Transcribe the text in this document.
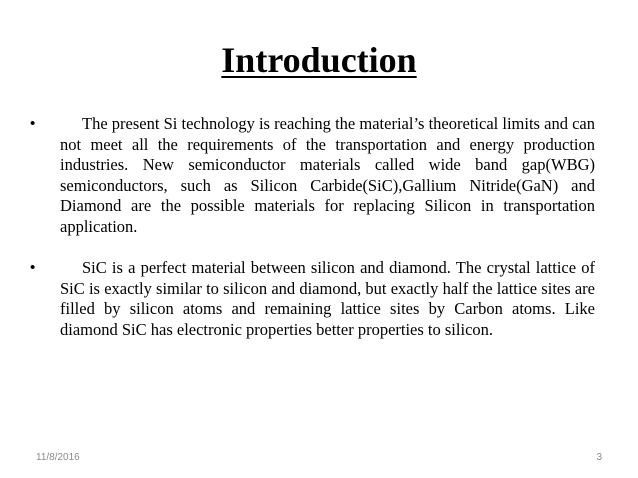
Introduction
•	The present Si technology is reaching the material’s theoretical limits and can not meet all the requirements of the transportation and energy production industries. New semiconductor materials called wide band gap(WBG) semiconductors, such as Silicon Carbide(SiC),Gallium Nitride(GaN) and Diamond are the possible materials for replacing Silicon in transportation application.
•	SiC is a perfect material between silicon and diamond. The crystal lattice of SiC is exactly similar to silicon and diamond, but exactly half the lattice sites are filled by silicon atoms and remaining lattice sites by Carbon atoms. Like diamond SiC has electronic properties better properties to silicon.
11/8/2016	3
